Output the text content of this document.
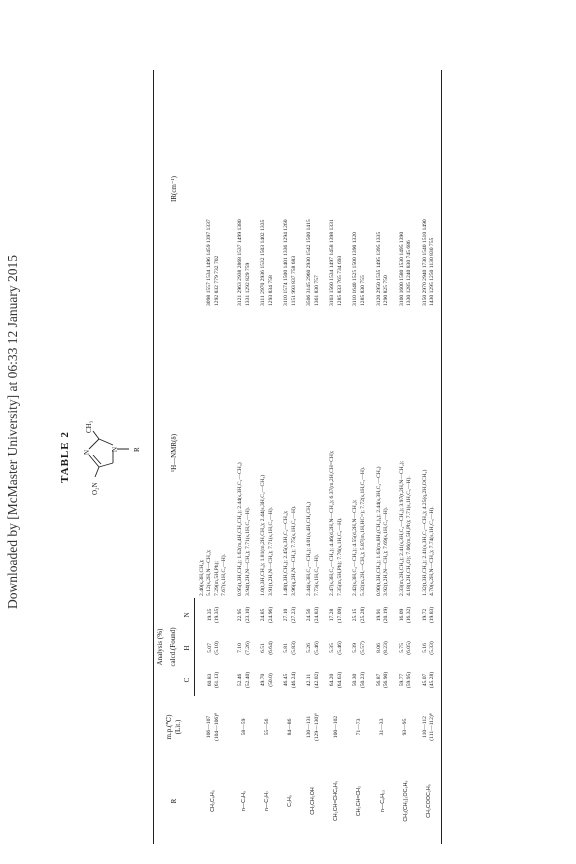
Downloaded by [McMaster University] at 06:33 12 January 2015	TABLE 2
O₂N
N
N
CH₃
R
R	m.p.(℃)
(Lit.)	Analysis (%)			¹H—NMR(δ)	IR(cm⁻¹)
		calcd.(Found)				
		C	H	N		
CH₃C₆H₅	106—107 (104—106)⁸	60.83 (61.13)	5.07 (5.10)	19.35 (19.35)	2.40(s,3H,CH₃); 5.12(s,2H,N—CH₂); 7.29(m,5H,Ph); 7.67(s,1H,C₅—H).	3098 1557 1534 1496 1459 1397 1337 1292 832 779 732 702

n—C₄H₉	58—59	52.46 (52.40)	7.10 (7.26)	22.95 (23.10)	0.95(t,3H,CH₃); 1.62(m,4H,CH₂CH₂); 2.44(s,3H,C₂—CH₃) 3.94(t,2H,N—CH₂); 7.71(s,1H,C₅—H).	3121 2963 2938 2868 1537 1499 1380 1331 1292 829 759

n—C₃H₇	55—56	49.70 (50.0)	6.51 (6.64)	24.85 (24.96)	1.0(t,3H,CH₃); 1.81(m,2H,CH₂); 2.44(s,3H,C₂—CH₃) 3.91(t,2H,N—CH₂); 7.71(s,1H,C₅—H).	3111 2970 2936 1532 1503 1402 1335 1293 834 758

C₂H₅	84—86	46.45 (46.24)	5.81 (5.83)	27.10 (27.23)	1.48(t,3H,CH₃); 2.45(s,3H,C₂—CH₃); 3.96(q,2H,N—CH₂); 7.75(s,1H,C₅—H).	3110 1574 1500 1401 1336 1294 1260 1151 993 837 758 683

CH₂CH₂OH	130—131 (129—130)⁹	42.11 (42.02)	5.26 (5.46)	24.56 (24.83)	2.44(s,3H,C₂—CH₃); 4.01(s,4H,CH₂CH₂) 7.73(s,1H,C₅—H).	3506 3145 2960 2930 1542 1500 1415 1361 830 757

CH₂CH=CHC₆H₅	100—102	64.20 (64.63)	5.35 (5.46)	17.28 (17.09)	2.47(s,3H,C₂—CH₃); 4.46(d,2H,N—CH₂); 6.37(m,2H,CH=CH); 7.35(m,5H,Ph); 7.76(s,1H,C₅—H).	3103 1560 1534 1497 1458 1398 1331 1285 833 765 734 693

CH₂CH=CH₂	71—73	50.30 (50.23)	5.39 (5.57)	25.15 (25.28)	2.42(s,3H,C₂—CH₃); 4.55(d,2H,N—CH₂); 5.32(m,2H,—CH₂); 5.87(m,1H,HC=); 7.72(s,1H,C₅—H).	3110 1640 1525 1500 1390 1320 1285 830 755

n—C₆H₁₃	31—33	56.87 (56.90)	8.06 (8.23)	19.91 (20.19)	0.90(t,3H,CH₃); 1.63(m,8H,(CH₂)₄); 2.44(s,3H,C₂—CH₃) 3.92(t,2H,N—CH₂); 7.69(s,1H,C₅—H).	3120 2950 1535 1495 1395 1335 1290 825 750

CH₂(CH₂)₃OC₆H₅	93—95	59.77 (59.95)	5.75 (6.05)	16.09 (16.32)	2.33(m,2H,CH₂); 2.41(s,3H,C₂—CH₃); 3.97(t,2H,N—CH₂); 4.18(t,2H,CH₂O); 7.06(m,5H,Ph); 7.71(s,1H,C₅—H).	3100 1600 1580 1530 1495 1390 1330 1285 1240 830 745 686

CH₂COOC₂H₅	110—112 (111—112)⁸	45.07 (45.28)	5.16 (5.33)	19.72 (19.83)	1.32(t,3H,CH₃); 2.41(s,3H,C₂—CH₃); 4.25(q,2H,OCH₂) 4.70(s,2H,N—CH₂); 7.74(s,1H,C₅—H).	3150 2970 2940 1730 1540 1510 1490 1430 1295 1250 1130 830 755
